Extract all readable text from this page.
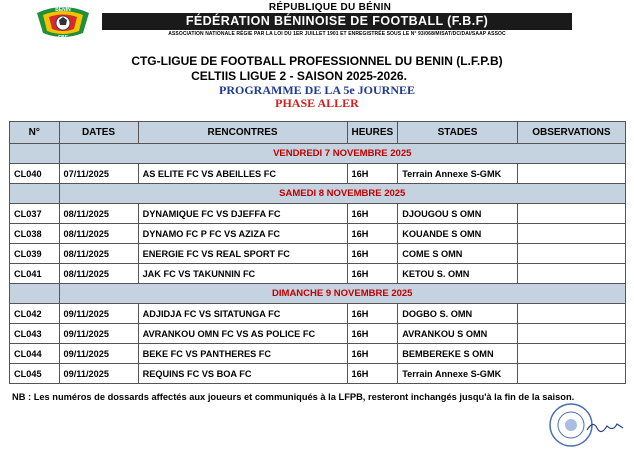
BÉNIN
FBF
RÉPUBLIQUE DU BÉNIN
FÉDÉRATION BÉNINOISE DE FOOTBALL (F.B.F)
ASSOCIATION NATIONALE RÉGIE PAR LA LOI DU 1ER JUILLET 1901 ET ENREGISTRÉE SOUS LE N° 93/068/MISAT/DC/DAI/SAAP ASSOC
CTG-LIGUE DE FOOTBALL PROFESSIONNEL DU BENIN (L.F.P.B)
CELTIIS LIGUE 2 - SAISON 2025-2026.
PROGRAMME DE LA 5e JOURNEE
PHASE ALLER
N°	DATES	RENCONTRES	HEURES	STADES	OBSERVATIONS
	VENDREDI 7 NOVEMBRE 2025				
CL040	07/11/2025	AS ELITE FC VS ABEILLES FC	16H	Terrain Annexe S-GMK	
	SAMEDI 8 NOVEMBRE 2025				
CL037	08/11/2025	DYNAMIQUE FC VS DJEFFA FC	16H	DJOUGOU S OMN	
CL038	08/11/2025	DYNAMO FC P FC VS AZIZA FC	16H	KOUANDE S OMN	
CL039	08/11/2025	ENERGIE FC VS REAL SPORT FC	16H	COME S OMN	
CL041	08/11/2025	JAK FC VS TAKUNNIN FC	16H	KETOU S. OMN	
	DIMANCHE 9 NOVEMBRE 2025				
CL042	09/11/2025	ADJIDJA FC VS SITATUNGA FC	16H	DOGBO S. OMN	
CL043	09/11/2025	AVRANKOU OMN FC VS AS POLICE FC	16H	AVRANKOU S OMN	
CL044	09/11/2025	BEKE FC VS PANTHERES FC	16H	BEMBEREKE S OMN	
CL045	09/11/2025	REQUINS FC VS BOA FC	16H	Terrain Annexe S-GMK	
NB : Les numéros de dossards affectés aux joueurs et communiqués à la LFPB, resteront inchangés jusqu'à la fin de la saison.
